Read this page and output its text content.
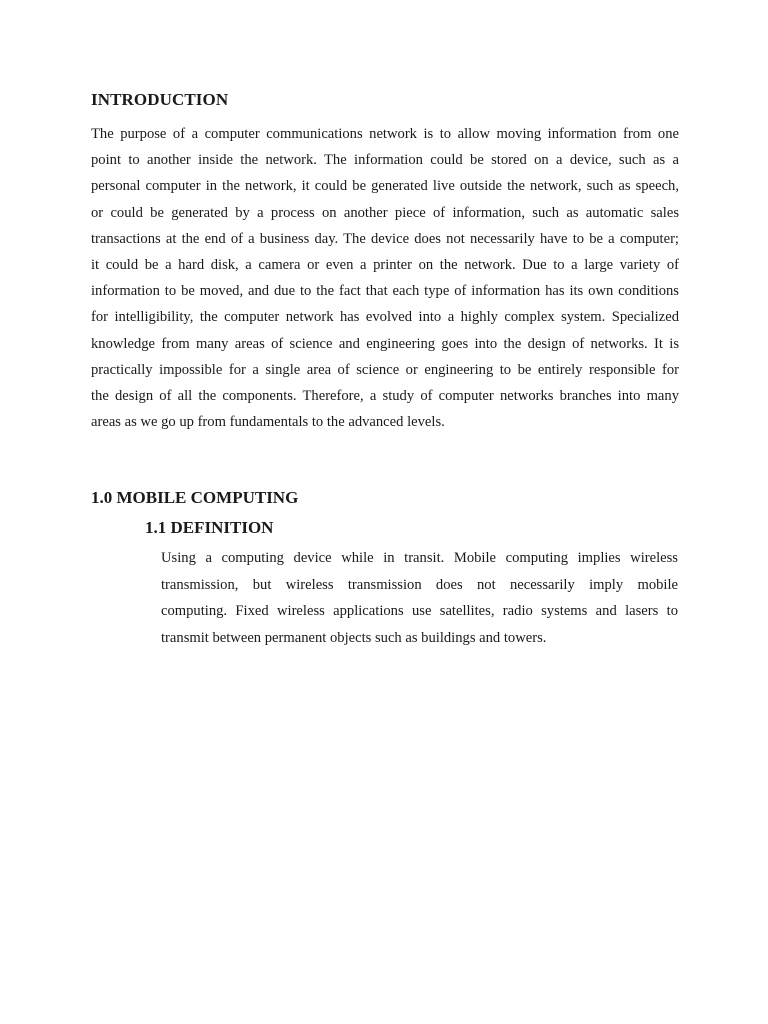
INTRODUCTION
The purpose of a computer communications network is to allow moving information from one
point to another inside the network. The information could be stored on a device, such as a
personal computer in the network, it could be generated live outside the network, such as speech,
or could be generated by a process on another piece of information, such as automatic sales
transactions at the end of a business day. The device does not necessarily have to be a computer;
it could be a hard disk, a camera or even a printer on the network. Due to a large variety of
information to be moved, and due to the fact that each type of information has its own conditions
for intelligibility, the computer network has evolved into a highly complex system. Specialized
knowledge from many areas of science and engineering goes into the design of networks. It is
practically impossible for a single area of science or engineering to be entirely responsible for
the design of all the components. Therefore, a study of computer networks branches into many
areas as we go up from fundamentals to the advanced levels.
1.0 MOBILE COMPUTING
1.1 DEFINITION
Using a computing device while in transit. Mobile computing implies wireless
transmission, but wireless transmission does not necessarily imply mobile
computing. Fixed wireless applications use satellites, radio systems and lasers to
transmit between permanent objects such as buildings and towers.
